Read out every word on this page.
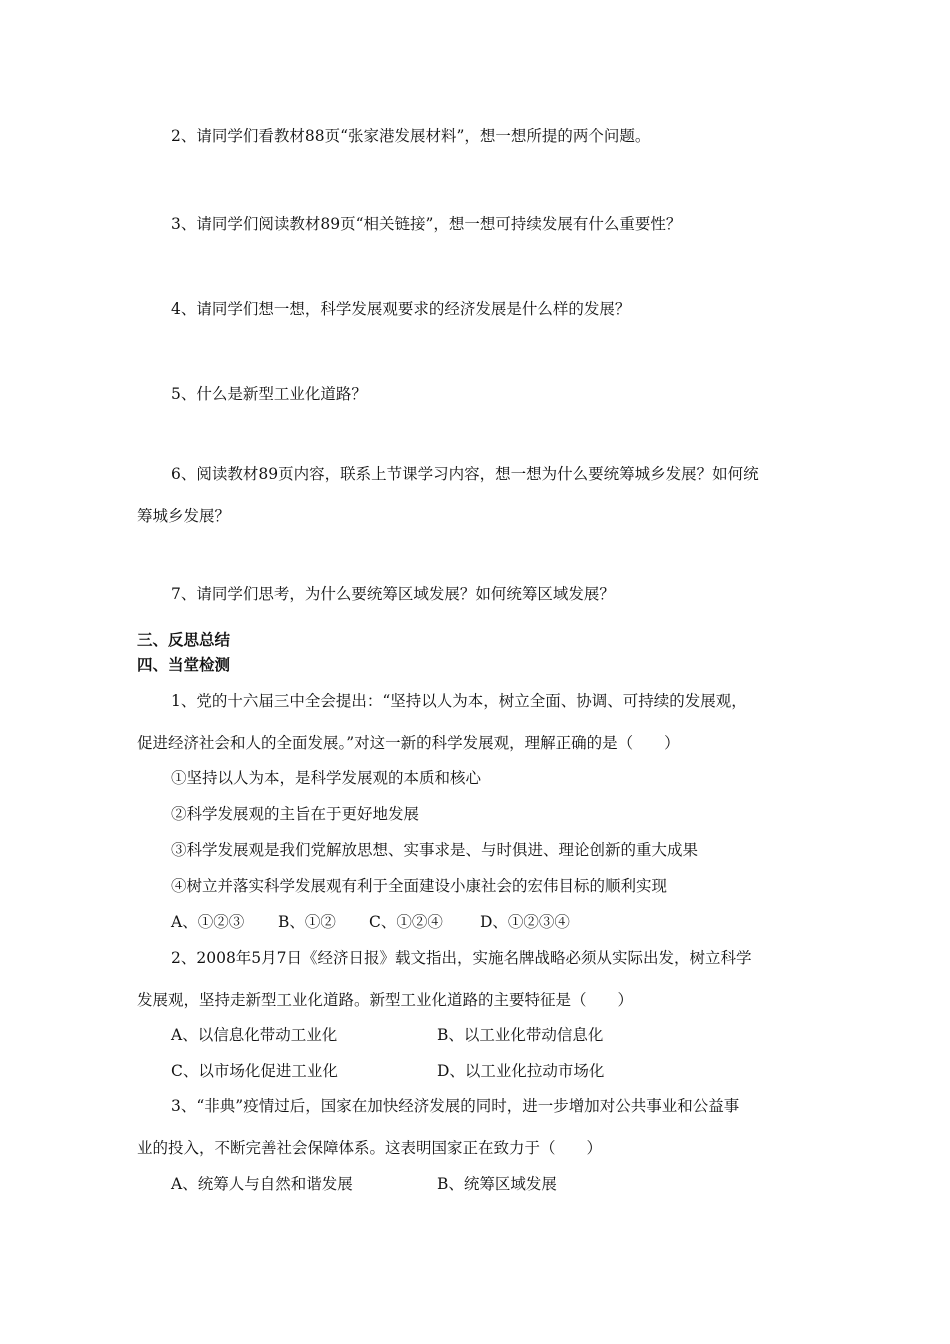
2、请同学们看教材88页“张家港发展材料”，想一想所提的两个问题。
3、请同学们阅读教材89页“相关链接”，想一想可持续发展有什么重要性？
4、请同学们想一想，科学发展观要求的经济发展是什么样的发展？
5、什么是新型工业化道路？
6、阅读教材89页内容，联系上节课学习内容，想一想为什么要统筹城乡发展？如何统
筹城乡发展？
7、请同学们思考，为什么要统筹区域发展？如何统筹区域发展？
三、反思总结
四、当堂检测
1、党的十六届三中全会提出：“坚持以人为本，树立全面、协调、可持续的发展观，
促进经济社会和人的全面发展。”对这一新的科学发展观，理解正确的是（　　）
①坚持以人为本，是科学发展观的本质和核心
②科学发展观的主旨在于更好地发展
③科学发展观是我们党解放思想、实事求是、与时俱进、理论创新的重大成果
④树立并落实科学发展观有利于全面建设小康社会的宏伟目标的顺利实现
A、①②③ B、①② C、①②④ D、①②③④
2、2008年5月7日《经济日报》载文指出，实施名牌战略必须从实际出发，树立科学
发展观，坚持走新型工业化道路。新型工业化道路的主要特征是（　　）
A、以信息化带动工业化	B、以工业化带动信息化
C、以市场化促进工业化	D、以工业化拉动市场化
3、“非典”疫情过后，国家在加快经济发展的同时，进一步增加对公共事业和公益事
业的投入，不断完善社会保障体系。这表明国家正在致力于（　　）
A、统筹人与自然和谐发展	B、统筹区域发展
